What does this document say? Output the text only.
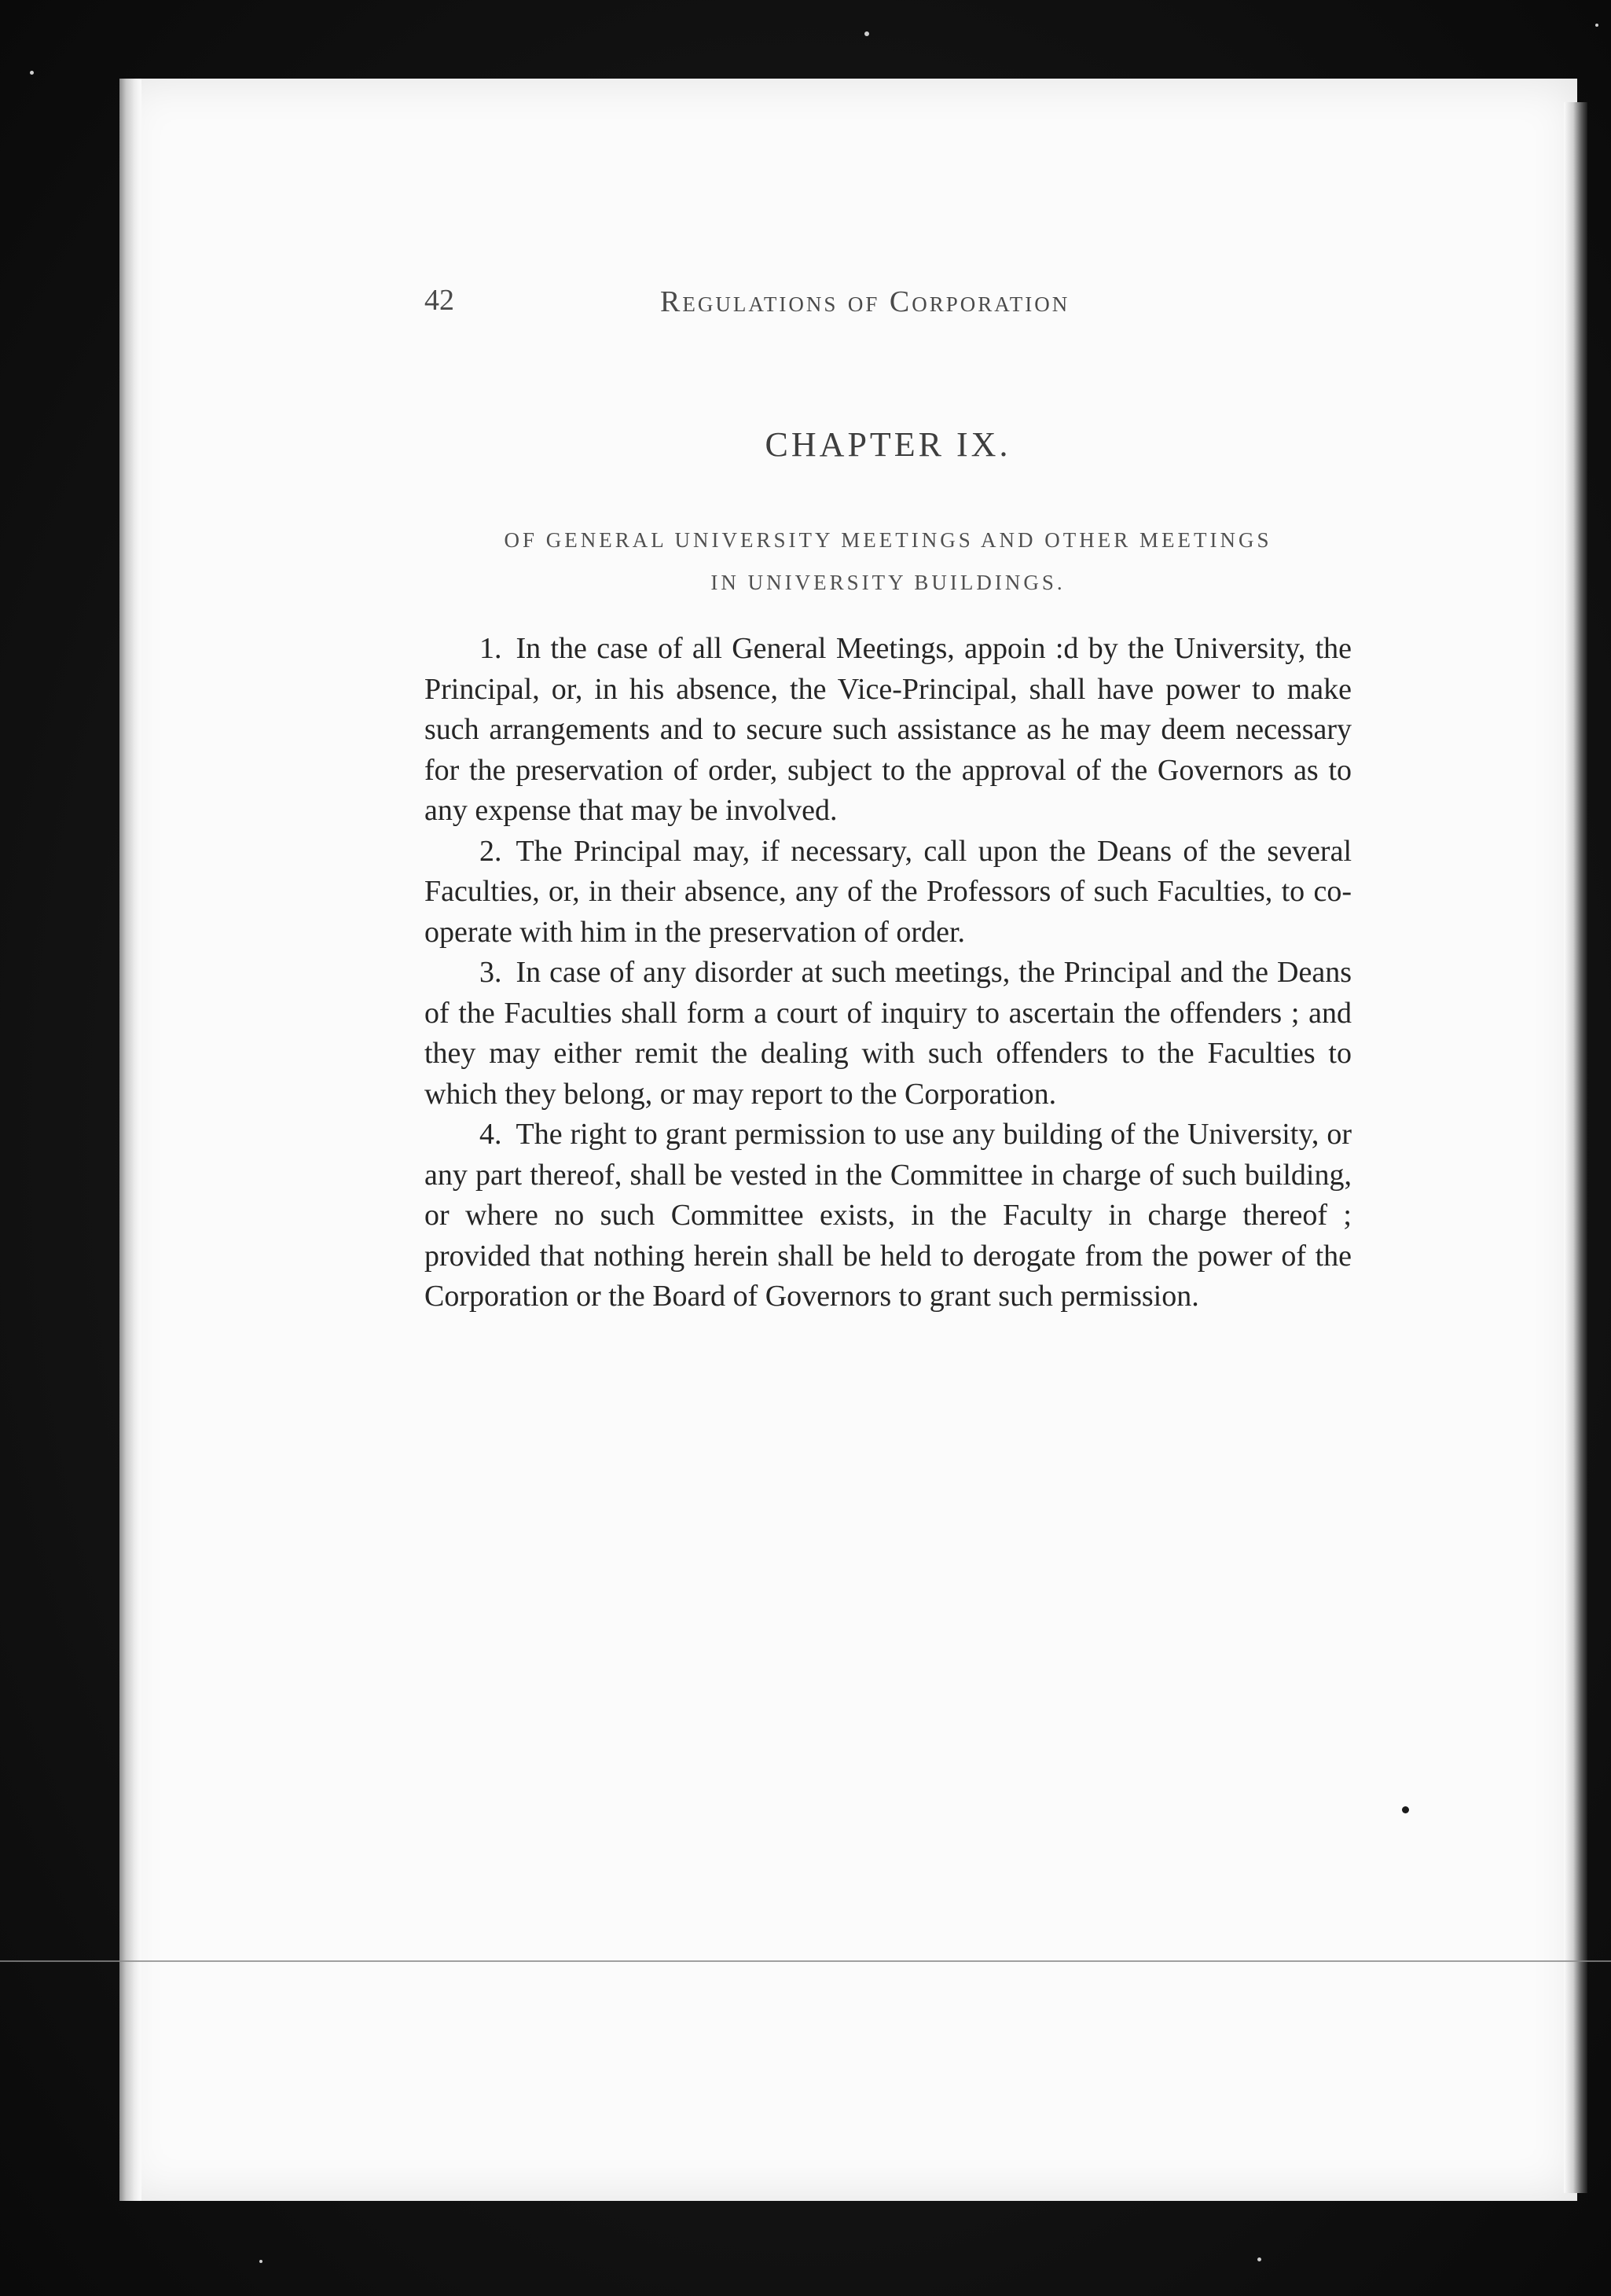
42	Regulations of Corporation
CHAPTER IX.
OF GENERAL UNIVERSITY MEETINGS AND OTHER MEETINGS
IN UNIVERSITY BUILDINGS.

1. In the case of all General Meetings, appoin :d by the University, the Principal, or, in his absence, the Vice-Principal, shall have power to make such arrangements and to secure such assistance as he may deem necessary for the preservation of order, subject to the approval of the Governors as to any expense that may be involved.

2. The Principal may, if necessary, call upon the Deans of the several Faculties, or, in their absence, any of the Professors of such Faculties, to co-operate with him in the preservation of order.

3. In case of any disorder at such meetings, the Principal and the Deans of the Faculties shall form a court of inquiry to ascertain the offenders ; and they may either remit the dealing with such offenders to the Faculties to which they belong, or may report to the Corporation.

4. The right to grant permission to use any building of the University, or any part thereof, shall be vested in the Committee in charge of such building, or where no such Committee exists, in the Faculty in charge thereof ; provided that nothing herein shall be held to derogate from the power of the Corporation or the Board of Governors to grant such permission.
